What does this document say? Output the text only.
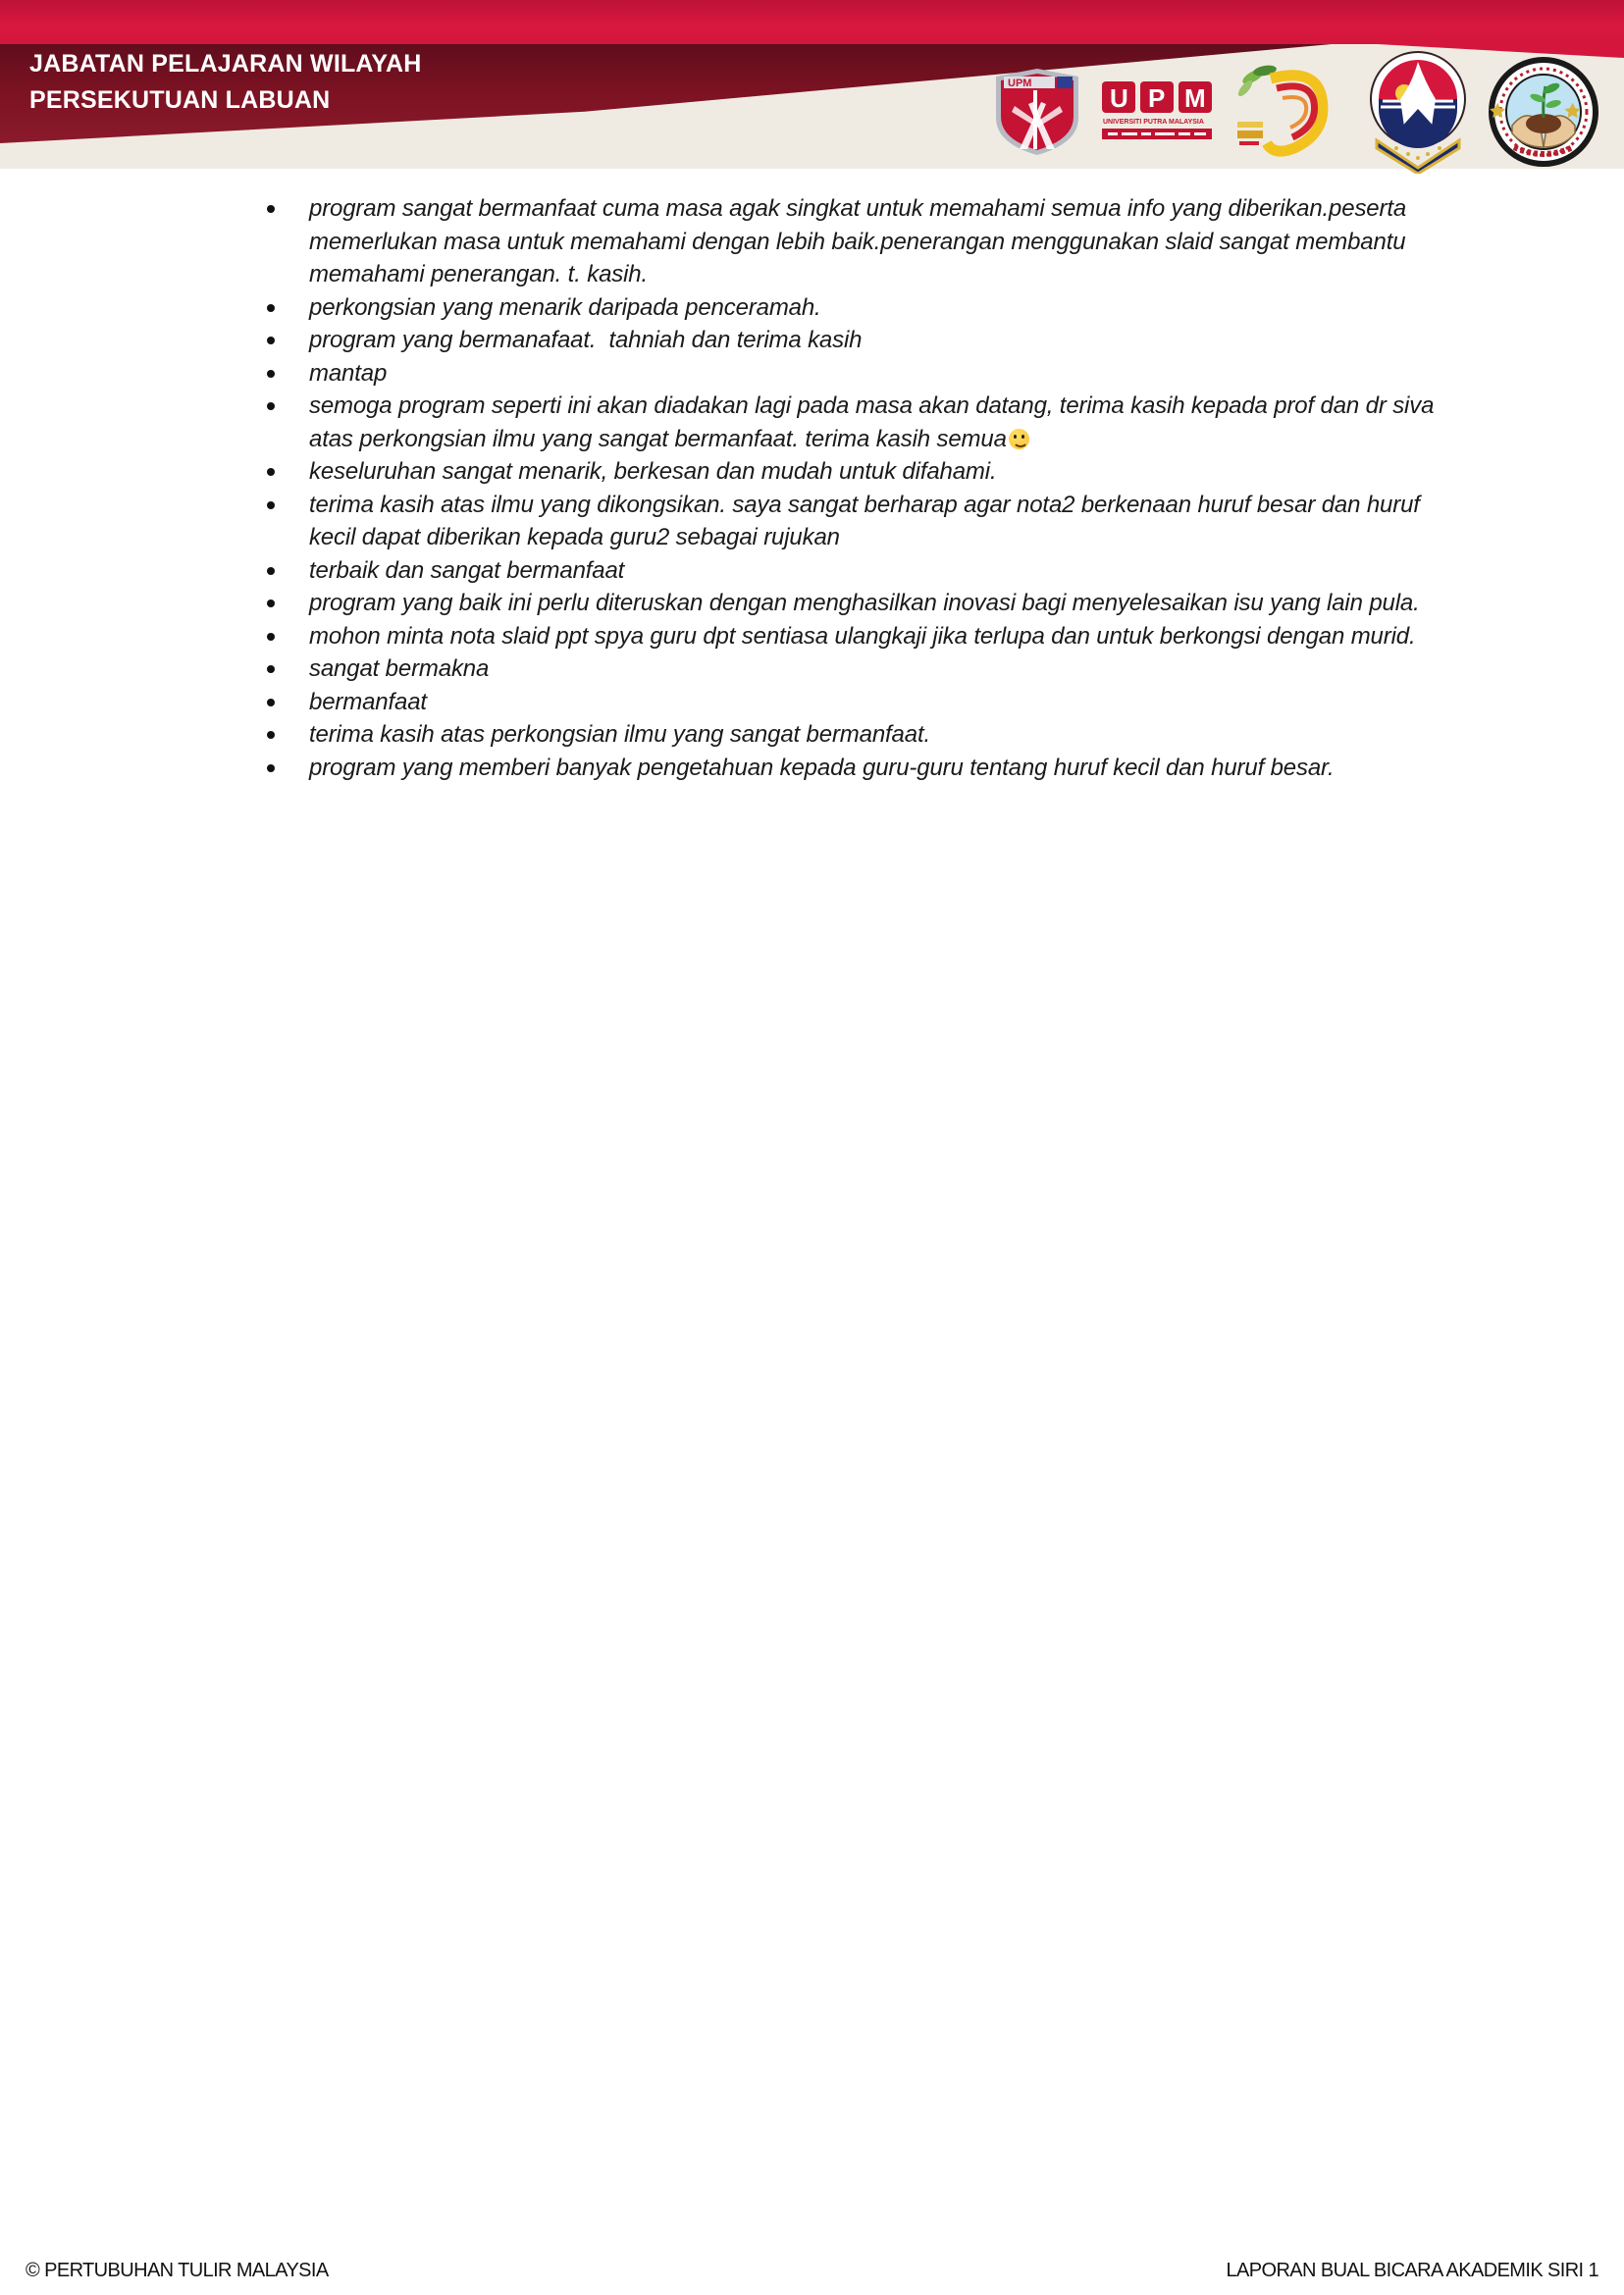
JABATAN PELAJARAN WILAYAH
PERSEKUTUAN LABUAN
UPM	U P M
UNIVERSITI PUTRA MALAYSIA
program sangat bermanfaat cuma masa agak singkat untuk memahami semua info yang diberikan.peserta memerlukan masa untuk memahami dengan lebih baik.penerangan menggunakan slaid sangat membantu memahami penerangan. t. kasih.
perkongsian yang menarik daripada penceramah.
program yang bermanafaat.  tahniah dan terima kasih
mantap
semoga program seperti ini akan diadakan lagi pada masa akan datang, terima kasih kepada prof dan dr siva atas perkongsian ilmu yang sangat bermanfaat. terima kasih semua
keseluruhan sangat menarik, berkesan dan mudah untuk difahami.
terima kasih atas ilmu yang dikongsikan. saya sangat berharap agar nota2 berkenaan huruf besar dan huruf kecil dapat diberikan kepada guru2 sebagai rujukan
terbaik dan sangat bermanfaat
program yang baik ini perlu diteruskan dengan menghasilkan inovasi bagi menyelesaikan isu yang lain pula.
mohon minta nota slaid ppt spya guru dpt sentiasa ulangkaji jika terlupa dan untuk berkongsi dengan murid.
sangat bermakna
bermanfaat
terima kasih atas perkongsian ilmu yang sangat bermanfaat.
program yang memberi banyak pengetahuan kepada guru-guru tentang huruf kecil dan huruf besar.
© PERTUBUHAN TULIR MALAYSIA	LAPORAN BUAL BICARA AKADEMIK SIRI 1
